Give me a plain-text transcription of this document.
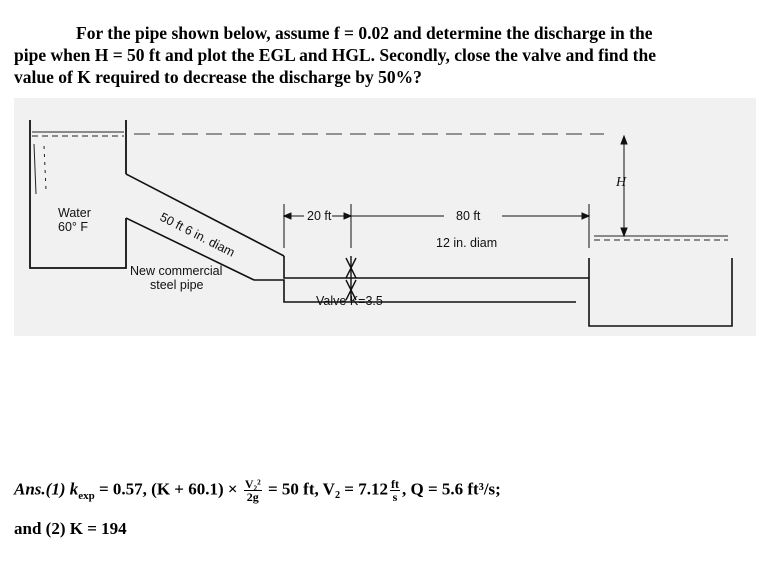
For the pipe shown below, assume f = 0.02 and determine the discharge in the
pipe when H = 50 ft and plot the EGL and HGL. Secondly, close the valve and find the
value of K required to decrease the discharge by 50%?
Water
60° F	50 ft 6 in. diam
New commercial
steel pipe
20 ft	80 ft
12 in. diam
Valve K=3.5
H
Ans.(1) $k_{exp} = 0.57$, $(K + 60.1) \times \frac{\text{V₂²}}{2g} = 50$ ft, $V_2 = 7.12 \frac{ft}{s}$ , Q = 5.6 ft³/s;
and (2) K = 194
